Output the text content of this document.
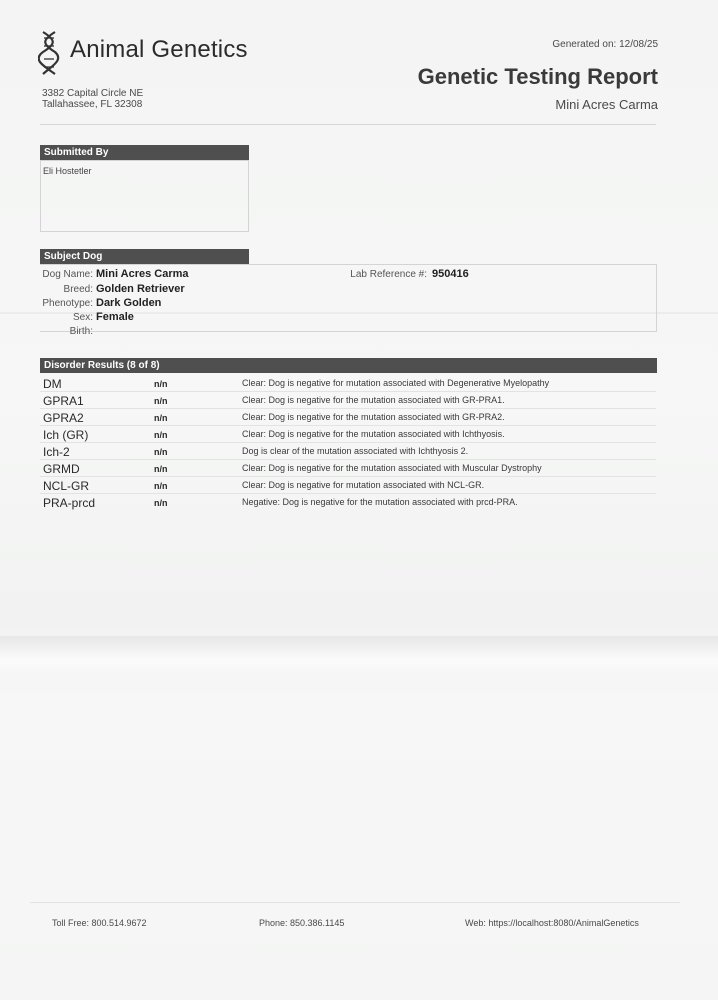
Animal Genetics
3382 Capital Circle NE
Tallahassee, FL 32308
Generated on: 12/08/25
Genetic Testing Report
Mini Acres Carma
Submitted By
Eli Hostetler
Subject Dog
Dog Name: Mini Acres Carma
Breed: Golden Retriever
Phenotype: Dark Golden
Sex: Female
Birth:
Lab Reference #: 950416
Disorder Results (8 of 8)
DM	n/n	Clear: Dog is negative for mutation associated with Degenerative Myelopathy
GPRA1	n/n	Clear: Dog is negative for the mutation associated with GR-PRA1.
GPRA2	n/n	Clear: Dog is negative for the mutation associated with GR-PRA2.
Ich (GR)	n/n	Clear: Dog is negative for the mutation associated with Ichthyosis.
Ich-2	n/n	Dog is clear of the mutation associated with Ichthyosis 2.
GRMD	n/n	Clear: Dog is negative for the mutation associated with Muscular Dystrophy
NCL-GR	n/n	Clear: Dog is negative for mutation associated with NCL-GR.
PRA-prcd	n/n	Negative: Dog is negative for the mutation associated with prcd-PRA.
Toll Free: 800.514.9672	Phone: 850.386.1145	Web: https://localhost:8080/AnimalGenetics
